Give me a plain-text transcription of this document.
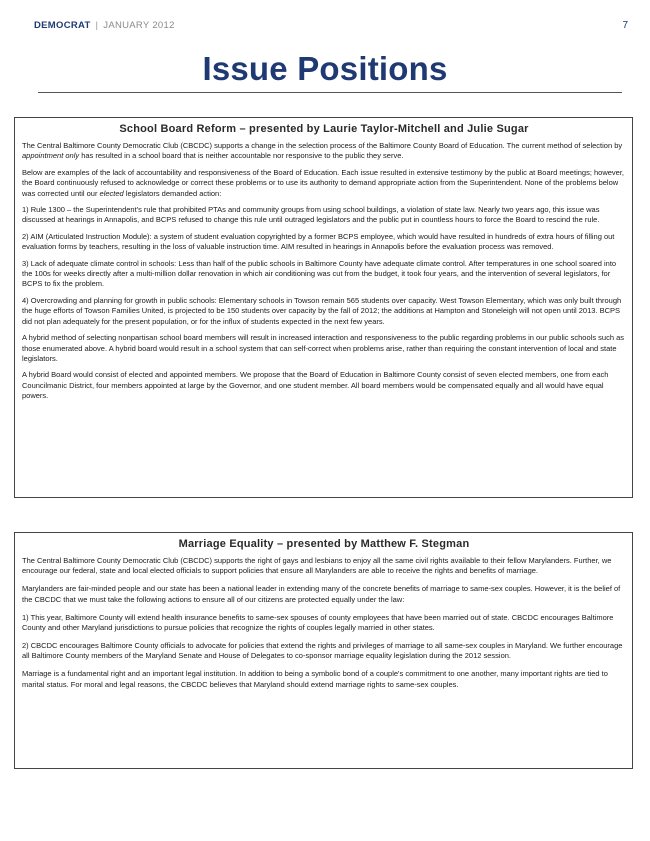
DEMOCRAT | JANUARY 2012	7
Issue Positions
School Board Reform – presented by Laurie Taylor-Mitchell and Julie Sugar

The Central Baltimore County Democratic Club (CBCDC) supports a change in the selection process of the Baltimore County Board of Education. The current method of selection by appointment only has resulted in a school board that is neither accountable nor responsive to the public they serve.

Below are examples of the lack of accountability and responsiveness of the Board of Education. Each issue resulted in extensive testimony by the public at Board meetings; however, the Board continuously refused to acknowledge or correct these problems or to use its authority to demand appropriate action from the Superintendent. None of the problems below was corrected until our elected legislators demanded action:

1) Rule 1300 – the Superintendent's rule that prohibited PTAs and community groups from using school buildings, a violation of state law. Nearly two years ago, this issue was discussed at hearings in Annapolis, and BCPS refused to change this rule until outraged legislators and the public put in countless hours to force the Board to rescind the rule.

2) AIM (Articulated Instruction Module): a system of student evaluation copyrighted by a former BCPS employee, which would have resulted in hundreds of extra hours of filling out evaluation forms by teachers, resulting in the loss of valuable instruction time. AIM resulted in hearings in Annapolis before the evaluation process was removed.

3) Lack of adequate climate control in schools: Less than half of the public schools in Baltimore County have adequate climate control. After temperatures in one school soared into the 100s for weeks directly after a multi-million dollar renovation in which air conditioning was cut from the budget, it took four years, and the intervention of several legislators, for BCPS to fix the problem.

4) Overcrowding and planning for growth in public schools: Elementary schools in Towson remain 565 students over capacity. West Towson Elementary, which was only built through the huge efforts of Towson Families United, is projected to be 150 students over capacity by the fall of 2012; the additions at Hampton and Stoneleigh will not open until 2013. BCPS did not plan adequately for the present population, or for the influx of students expected in the next few years.

A hybrid method of selecting nonpartisan school board members will result in increased interaction and responsiveness to the public regarding problems in our public schools such as those enumerated above. A hybrid board would result in a school system that can self-correct when problems arise, rather than requiring the constant intervention of local and state legislators.

A hybrid Board would consist of elected and appointed members. We propose that the Board of Education in Baltimore County consist of seven elected members, one from each Councilmanic District, four members appointed at large by the Governor, and one student member. All board members would be compensated equally and all would have equal powers.

Marriage Equality – presented by Matthew F. Stegman

The Central Baltimore County Democratic Club (CBCDC) supports the right of gays and lesbians to enjoy all the same civil rights available to their fellow Marylanders. Further, we encourage our federal, state and local elected officials to support policies that ensure all Marylanders are able to receive the rights and benefits of marriage.

Marylanders are fair-minded people and our state has been a national leader in extending many of the concrete benefits of marriage to same-sex couples. However, it is the belief of the CBCDC that we must take the following actions to ensure all of our citizens are protected equally under the law:

1) This year, Baltimore County will extend health insurance benefits to same-sex spouses of county employees that have been married out of state. CBCDC encourages Baltimore County and other Maryland jurisdictions to pursue policies that recognize the rights of couples legally married in other states.

2) CBCDC encourages Baltimore County officials to advocate for policies that extend the rights and privileges of marriage to all same-sex couples in Maryland. We further encourage all Baltimore County members of the Maryland Senate and House of Delegates to co-sponsor marriage equality legislation during the 2012 session.

Marriage is a fundamental right and an important legal institution. In addition to being a symbolic bond of a couple's commitment to one another, many important rights are tied to marital status. For moral and legal reasons, the CBCDC believes that Maryland should extend marriage rights to same-sex couples.
